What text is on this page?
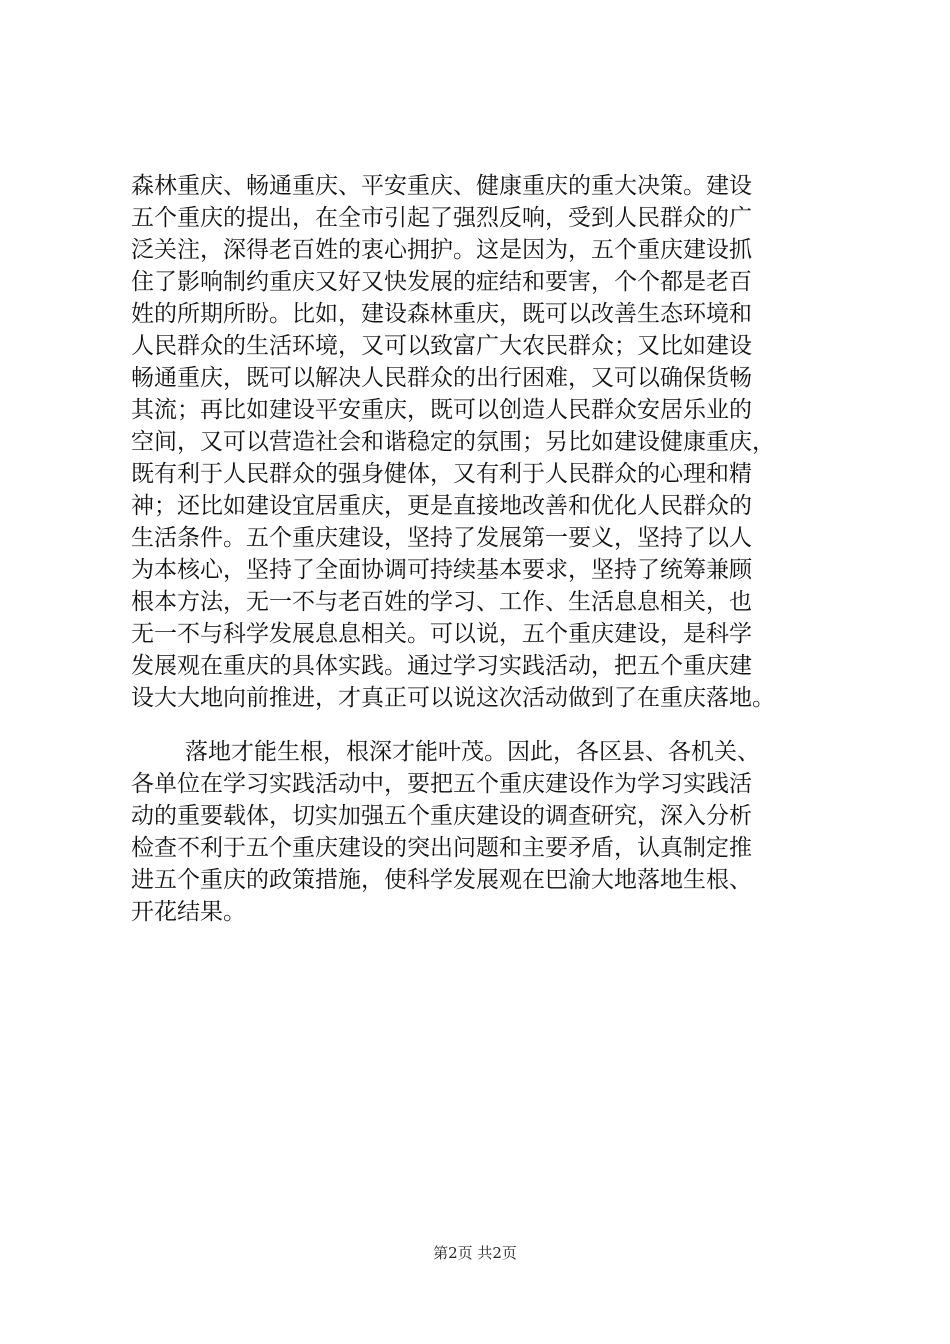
森林重庆、畅通重庆、平安重庆、健康重庆的重大决策。建设
五个重庆的提出，在全市引起了强烈反响，受到人民群众的广
泛关注，深得老百姓的衷心拥护。这是因为，五个重庆建设抓
住了影响制约重庆又好又快发展的症结和要害，个个都是老百
姓的所期所盼。比如，建设森林重庆，既可以改善生态环境和
人民群众的生活环境，又可以致富广大农民群众；又比如建设
畅通重庆，既可以解决人民群众的出行困难，又可以确保货畅
其流；再比如建设平安重庆，既可以创造人民群众安居乐业的
空间，又可以营造社会和谐稳定的氛围；另比如建设健康重庆，
既有利于人民群众的强身健体，又有利于人民群众的心理和精
神；还比如建设宜居重庆，更是直接地改善和优化人民群众的
生活条件。五个重庆建设，坚持了发展第一要义，坚持了以人
为本核心，坚持了全面协调可持续基本要求，坚持了统筹兼顾
根本方法，无一不与老百姓的学习、工作、生活息息相关，也
无一不与科学发展息息相关。可以说，五个重庆建设，是科学
发展观在重庆的具体实践。通过学习实践活动，把五个重庆建
设大大地向前推进，才真正可以说这次活动做到了在重庆落地。
落地才能生根，根深才能叶茂。因此，各区县、各机关、
各单位在学习实践活动中，要把五个重庆建设作为学习实践活
动的重要载体，切实加强五个重庆建设的调查研究，深入分析
检查不利于五个重庆建设的突出问题和主要矛盾，认真制定推
进五个重庆的政策措施，使科学发展观在巴渝大地落地生根、
开花结果。
第2页 共2页
